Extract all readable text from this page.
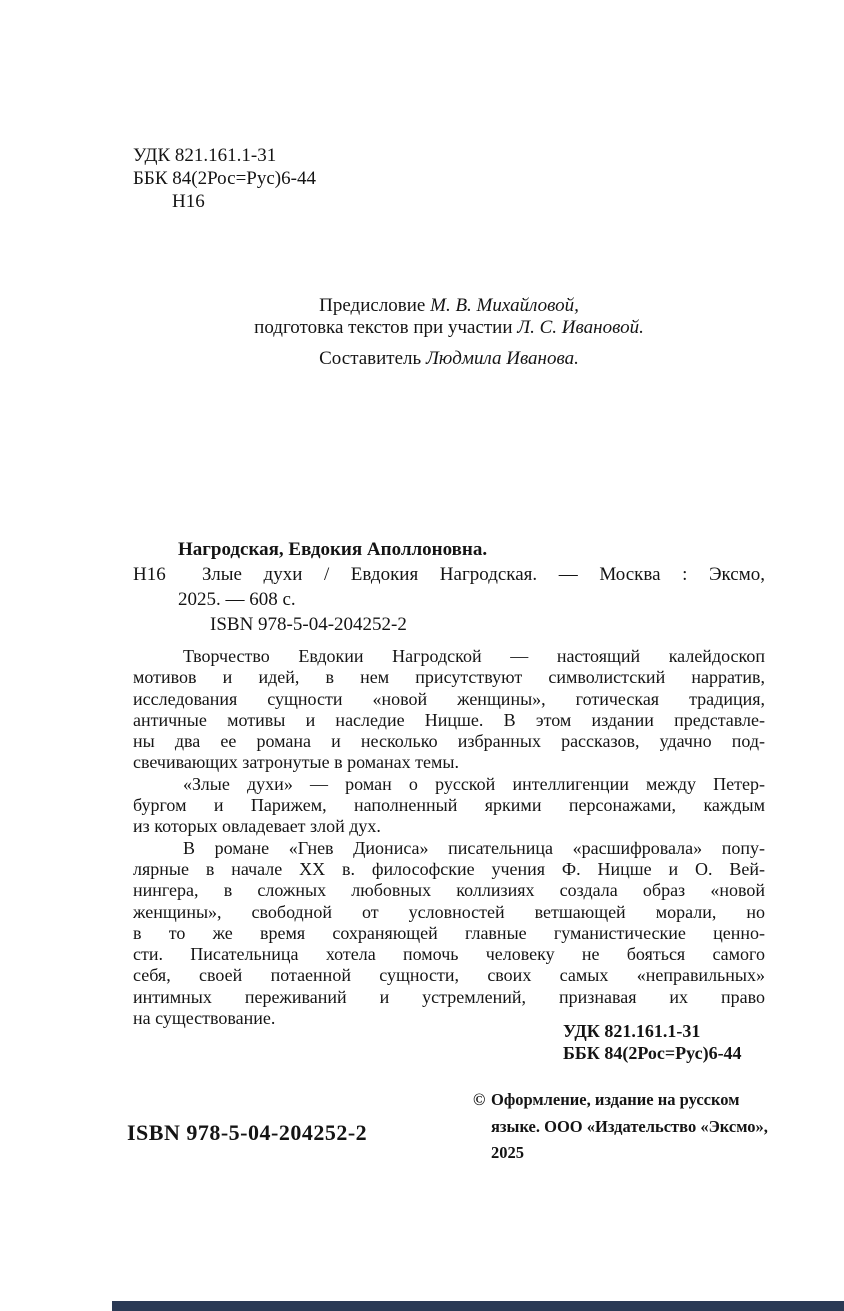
УДК 821.161.1-31
ББК 84(2Рос=Рус)6-44
Н16
Предисловие М. В. Михайловой,
подготовка текстов при участии Л. С. Ивановой.
Составитель Людмила Иванова.
Нагродская, Евдокия Аполлоновна.
Н16 Злые духи / Евдокия Нагродская. — Москва : Эксмо,
2025. — 608 с.
ISBN 978-5-04-204252-2
Творчество Евдокии Нагродской — настоящий калейдоскоп
мотивов и идей, в нем присутствуют символистский нарратив,
исследования сущности «новой женщины», готическая традиция,
античные мотивы и наследие Ницше. В этом издании представле-
ны два ее романа и несколько избранных рассказов, удачно под-
свечивающих затронутые в романах темы.
«Злые духи» — роман о русской интеллигенции между Петер-
бургом и Парижем, наполненный яркими персонажами, каждым
из которых овладевает злой дух.
В романе «Гнев Диониса» писательница «расшифровала» попу-
лярные в начале XX в. философские учения Ф. Ницше и О. Вей-
нингера, в сложных любовных коллизиях создала образ «новой
женщины», свободной от условностей ветшающей морали, но
в то же время сохраняющей главные гуманистические ценно-
сти. Писательница хотела помочь человеку не бояться самого
себя, своей потаенной сущности, своих самых «неправильных»
интимных переживаний и устремлений, признавая их право
на существование.
УДК 821.161.1-31
ББК 84(2Рос=Рус)6-44
© Оформление, издание на русском
языке. ООО «Издательство «Эксмо»,
2025
ISBN 978-5-04-204252-2
